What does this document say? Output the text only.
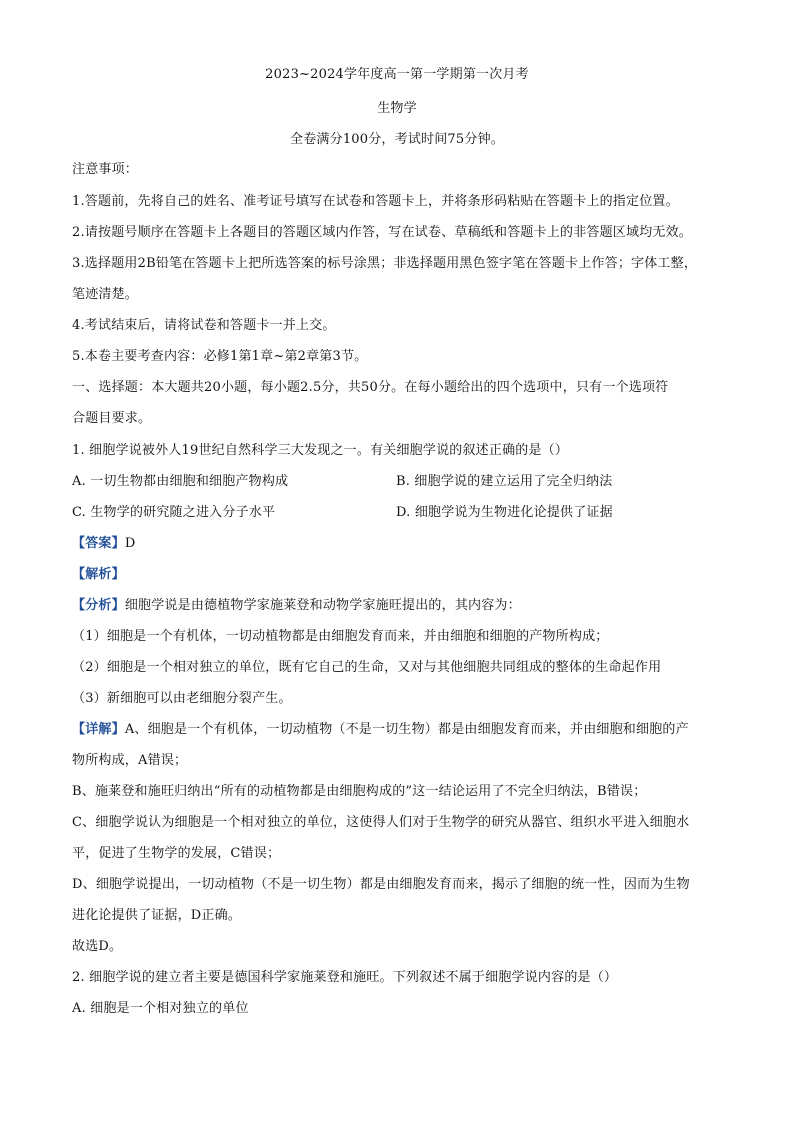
2023~2024学年度高一第一学期第一次月考
生物学
全卷满分100分，考试时间75分钟。
注意事项：
1.答题前，先将自己的姓名、准考证号填写在试卷和答题卡上，并将条形码粘贴在答题卡上的指定位置。
2.请按题号顺序在答题卡上各题目的答题区域内作答，写在试卷、草稿纸和答题卡上的非答题区域均无效。
3.选择题用2B铅笔在答题卡上把所选答案的标号涂黑；非选择题用黑色签字笔在答题卡上作答；字体工整，
笔迹清楚。
4.考试结束后，请将试卷和答题卡一并上交。
5.本卷主要考查内容：必修1第1章~第2章第3节。
一、选择题：本大题共20小题，每小题2.5分，共50分。在每小题给出的四个选项中，只有一个选项符
合题目要求。
1. 细胞学说被外人19世纪自然科学三大发现之一。有关细胞学说的叙述正确的是（）
A. 一切生物都由细胞和细胞产物构成	B. 细胞学说的建立运用了完全归纳法
C. 生物学的研究随之进入分子水平	D. 细胞学说为生物进化论提供了证据
【答案】D
【解析】
【分析】细胞学说是由德植物学家施莱登和动物学家施旺提出的，其内容为：
（1）细胞是一个有机体，一切动植物都是由细胞发育而来，并由细胞和细胞的产物所构成；
（2）细胞是一个相对独立的单位，既有它自己的生命，又对与其他细胞共同组成的整体的生命起作用
（3）新细胞可以由老细胞分裂产生。
【详解】A、细胞是一个有机体，一切动植物（不是一切生物）都是由细胞发育而来，并由细胞和细胞的产
物所构成，A错误；
B、施莱登和施旺归纳出“所有的动植物都是由细胞构成的”这一结论运用了不完全归纳法，B错误；
C、细胞学说认为细胞是一个相对独立的单位，这使得人们对于生物学的研究从器官、组织水平进入细胞水
平，促进了生物学的发展，C错误；
D、细胞学说提出，一切动植物（不是一切生物）都是由细胞发育而来，揭示了细胞的统一性，因而为生物
进化论提供了证据，D正确。
故选D。
2. 细胞学说的建立者主要是德国科学家施莱登和施旺。下列叙述不属于细胞学说内容的是（）
A. 细胞是一个相对独立的单位
